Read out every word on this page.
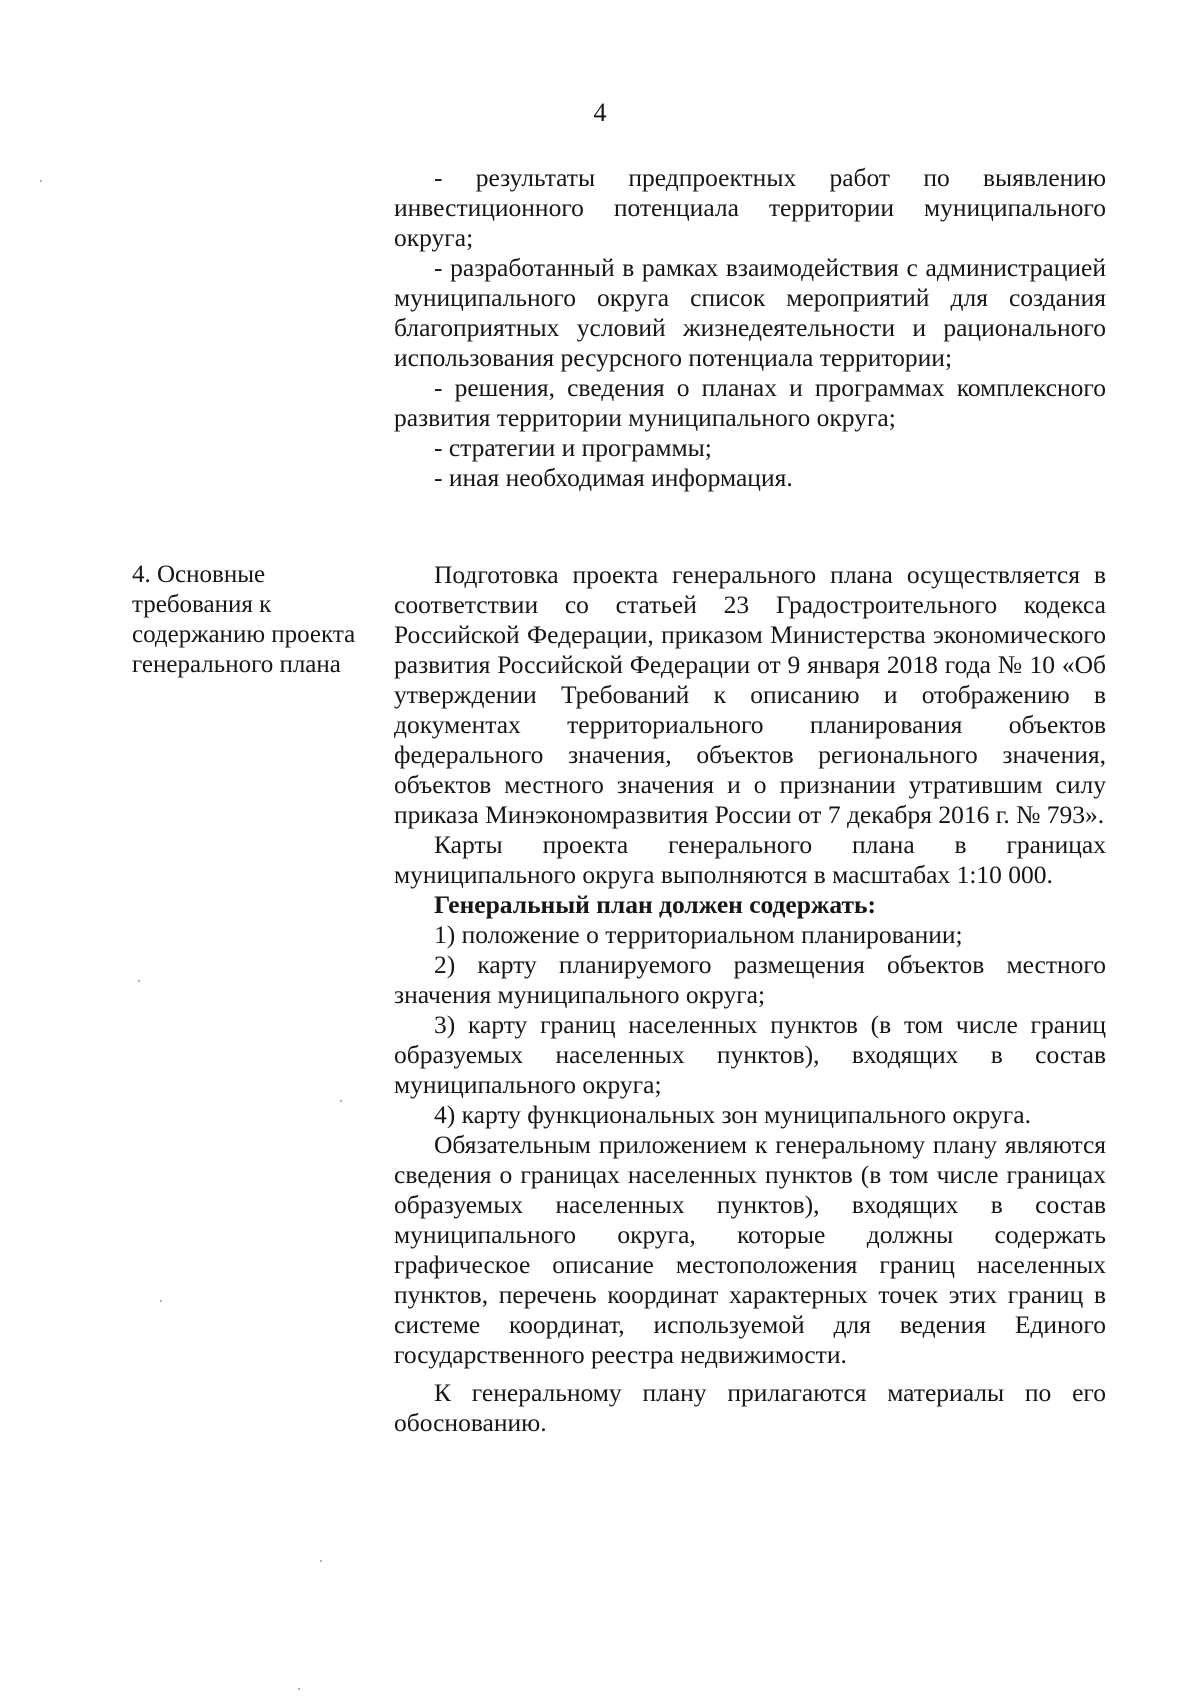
4

- результаты предпроектных работ по выявлению инвестиционного потенциала территории муниципального округа;

- разработанный в рамках взаимодействия с администрацией муниципального округа список мероприятий для создания благоприятных условий жизнедеятельности и рационального использования ресурсного потенциала территории;

- решения, сведения о планах и программах комплексного развития территории муниципального округа;

- стратегии и программы;

- иная необходимая информация.

4. Основные требования к содержанию проекта генерального плана

Подготовка проекта генерального плана осуществляется в соответствии со статьей 23 Градостроительного кодекса Российской Федерации, приказом Министерства экономического развития Российской Федерации от 9 января 2018 года № 10 «Об утверждении Требований к описанию и отображению в документах территориального планирования объектов федерального значения, объектов регионального значения, объектов местного значения и о признании утратившим силу приказа Минэкономразвития России от 7 декабря 2016 г. № 793».

Карты проекта генерального плана в границах муниципального округа выполняются в масштабах 1:10 000.

Генеральный план должен содержать:

1) положение о территориальном планировании;

2) карту планируемого размещения объектов местного значения муниципального округа;

3) карту границ населенных пунктов (в том числе границ образуемых населенных пунктов), входящих в состав муниципального округа;

4) карту функциональных зон муниципального округа.

Обязательным приложением к генеральному плану являются сведения о границах населенных пунктов (в том числе границах образуемых населенных пунктов), входящих в состав муниципального округа, которые должны содержать графическое описание местоположения границ населенных пунктов, перечень координат характерных точек этих границ в системе координат, используемой для ведения Единого государственного реестра недвижимости.

К генеральному плану прилагаются материалы по его обоснованию.
